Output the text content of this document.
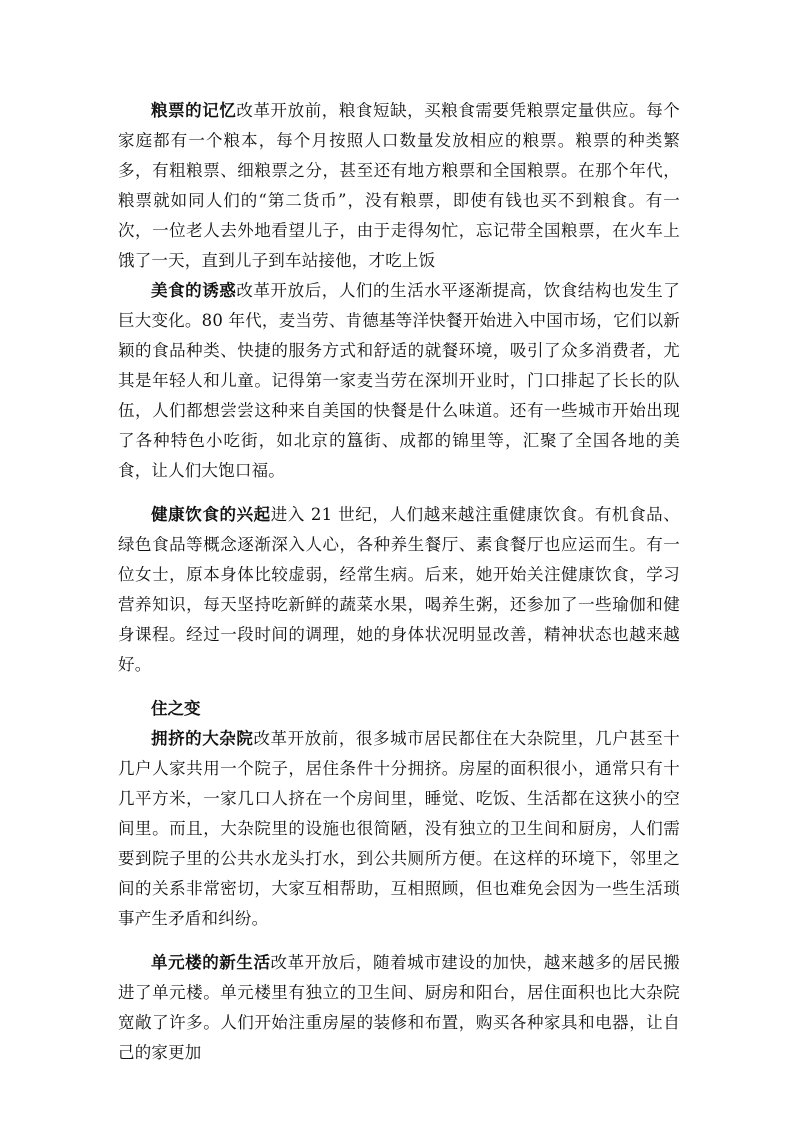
粮票的记忆改革开放前，粮食短缺，买粮食需要凭粮票定量供应。每个家庭都有一个粮本，每个月按照人口数量发放相应的粮票。粮票的种类繁多，有粗粮票、细粮票之分，甚至还有地方粮票和全国粮票。在那个年代，粮票就如同人们的“第二货币”，没有粮票，即使有钱也买不到粮食。有一次，一位老人去外地看望儿子，由于走得匆忙，忘记带全国粮票，在火车上饿了一天，直到儿子到车站接他，才吃上饭

美食的诱惑改革开放后，人们的生活水平逐渐提高，饮食结构也发生了巨大变化。80 年代，麦当劳、肯德基等洋快餐开始进入中国市场，它们以新颖的食品种类、快捷的服务方式和舒适的就餐环境，吸引了众多消费者，尤其是年轻人和儿童。记得第一家麦当劳在深圳开业时，门口排起了长长的队伍，人们都想尝尝这种来自美国的快餐是什么味道。还有一些城市开始出现了各种特色小吃街，如北京的簋街、成都的锦里等，汇聚了全国各地的美食，让人们大饱口福。

健康饮食的兴起进入 21 世纪，人们越来越注重健康饮食。有机食品、绿色食品等概念逐渐深入人心，各种养生餐厅、素食餐厅也应运而生。有一位女士，原本身体比较虚弱，经常生病。后来，她开始关注健康饮食，学习营养知识，每天坚持吃新鲜的蔬菜水果，喝养生粥，还参加了一些瑜伽和健身课程。经过一段时间的调理，她的身体状况明显改善，精神状态也越来越好。

住之变

拥挤的大杂院改革开放前，很多城市居民都住在大杂院里，几户甚至十几户人家共用一个院子，居住条件十分拥挤。房屋的面积很小，通常只有十几平方米，一家几口人挤在一个房间里，睡觉、吃饭、生活都在这狭小的空间里。而且，大杂院里的设施也很简陋，没有独立的卫生间和厨房，人们需要到院子里的公共水龙头打水，到公共厕所方便。在这样的环境下，邻里之间的关系非常密切，大家互相帮助，互相照顾，但也难免会因为一些生活琐事产生矛盾和纠纷。

单元楼的新生活改革开放后，随着城市建设的加快，越来越多的居民搬进了单元楼。单元楼里有独立的卫生间、厨房和阳台，居住面积也比大杂院宽敞了许多。人们开始注重房屋的装修和布置，购买各种家具和电器，让自己的家更加
